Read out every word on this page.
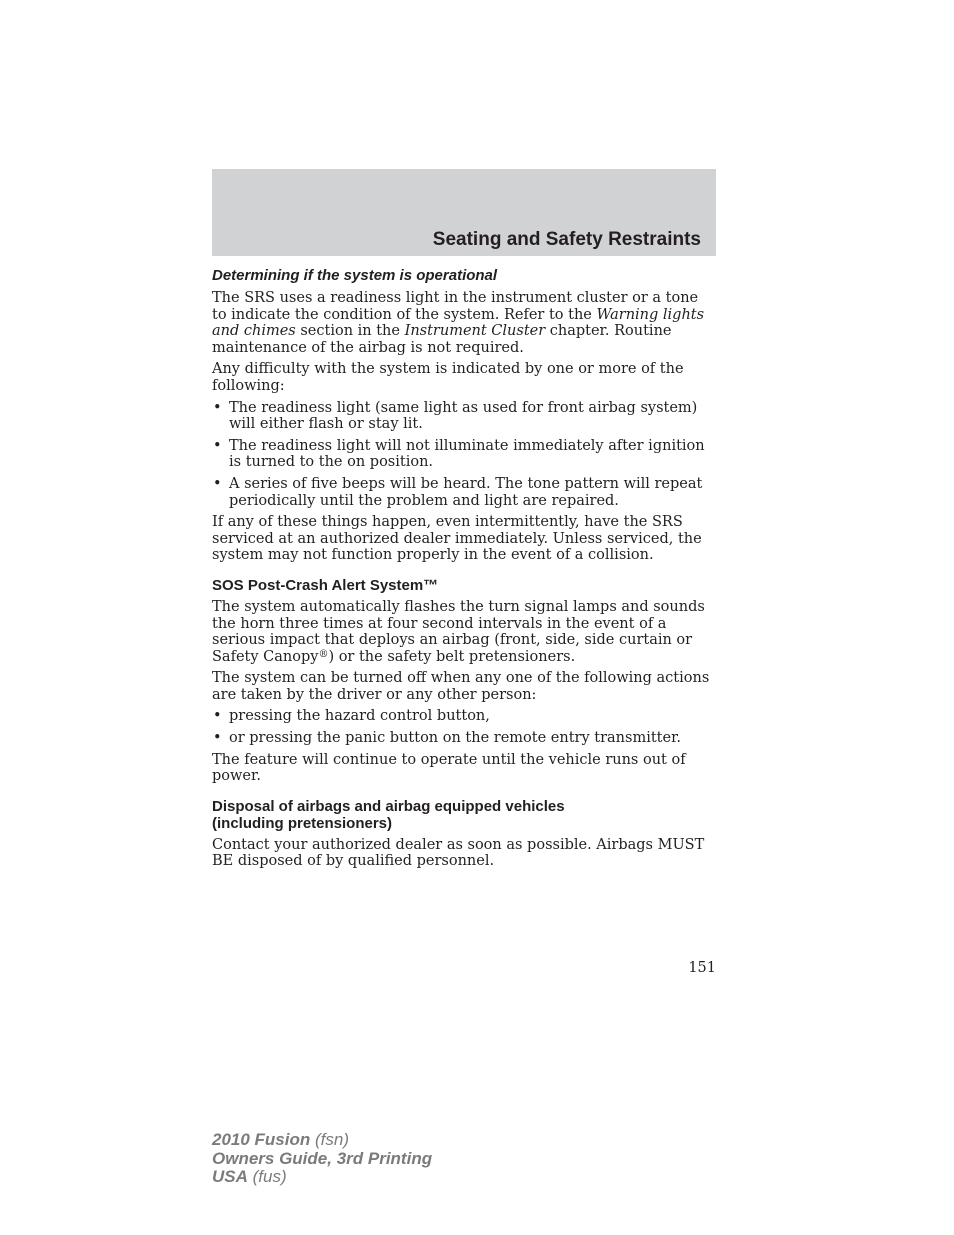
Seating and Safety Restraints
Determining if the system is operational

The SRS uses a readiness light in the instrument cluster or a tone to indicate the condition of the system. Refer to the Warning lights and chimes section in the Instrument Cluster chapter. Routine maintenance of the airbag is not required.

Any difficulty with the system is indicated by one or more of the following:

• The readiness light (same light as used for front airbag system) will either flash or stay lit.
• The readiness light will not illuminate immediately after ignition is turned to the on position.
• A series of five beeps will be heard. The tone pattern will repeat periodically until the problem and light are repaired.

If any of these things happen, even intermittently, have the SRS serviced at an authorized dealer immediately. Unless serviced, the system may not function properly in the event of a collision.

SOS Post-Crash Alert System™

The system automatically flashes the turn signal lamps and sounds the horn three times at four second intervals in the event of a serious impact that deploys an airbag (front, side, side curtain or Safety Canopy®) or the safety belt pretensioners.

The system can be turned off when any one of the following actions are taken by the driver or any other person:

• pressing the hazard control button,
• or pressing the panic button on the remote entry transmitter.

The feature will continue to operate until the vehicle runs out of power.

Disposal of airbags and airbag equipped vehicles
(including pretensioners)

Contact your authorized dealer as soon as possible. Airbags MUST BE disposed of by qualified personnel.

151
2010 Fusion (fsn)
Owners Guide, 3rd Printing
USA (fus)
